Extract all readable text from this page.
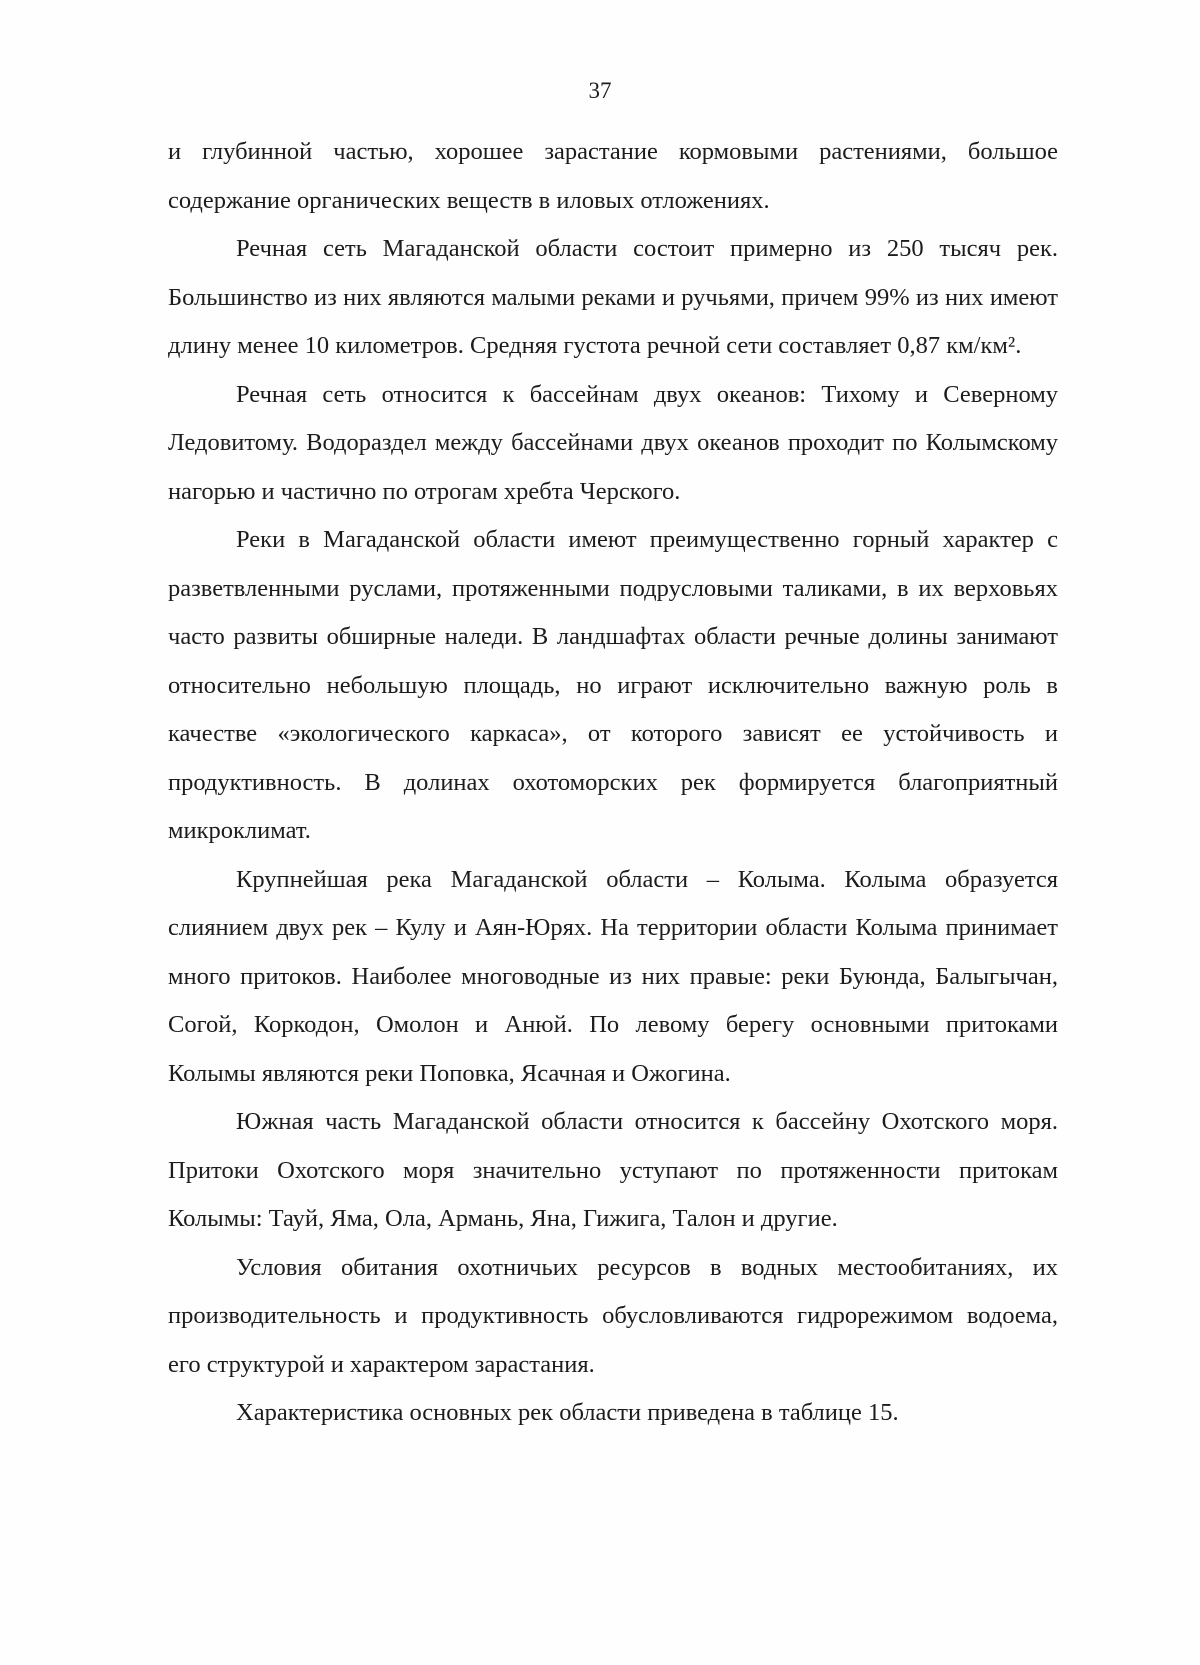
37

и глубинной частью, хорошее зарастание кормовыми растениями, большое содержание органических веществ в иловых отложениях.

Речная сеть Магаданской области состоит примерно из 250 тысяч рек. Большинство из них являются малыми реками и ручьями, причем 99% из них имеют длину менее 10 километров. Средняя густота речной сети составляет 0,87 км/км².

Речная сеть относится к бассейнам двух океанов: Тихому и Северному Ледовитому. Водораздел между бассейнами двух океанов проходит по Колымскому нагорью и частично по отрогам хребта Черского.

Реки в Магаданской области имеют преимущественно горный характер с разветвленными руслами, протяженными подрусловыми таликами, в их верховьях часто развиты обширные наледи. В ландшафтах области речные долины занимают относительно небольшую площадь, но играют исключительно важную роль в качестве «экологического каркаса», от которого зависят ее устойчивость и продуктивность. В долинах охотоморских рек формируется благоприятный микроклимат.

Крупнейшая река Магаданской области – Колыма. Колыма образуется слиянием двух рек – Кулу и Аян-Юрях. На территории области Колыма принимает много притоков. Наиболее многоводные из них правые: реки Буюнда, Балыгычан, Согой, Коркодон, Омолон и Анюй. По левому берегу основными притоками Колымы являются реки Поповка, Ясачная и Ожогина.

Южная часть Магаданской области относится к бассейну Охотского моря. Притоки Охотского моря значительно уступают по протяженности притокам Колымы: Тауй, Яма, Ола, Армань, Яна, Гижига, Талон и другие.

Условия обитания охотничьих ресурсов в водных местообитаниях, их производительность и продуктивность обусловливаются гидрорежимом водоема, его структурой и характером зарастания.

Характеристика основных рек области приведена в таблице 15.
